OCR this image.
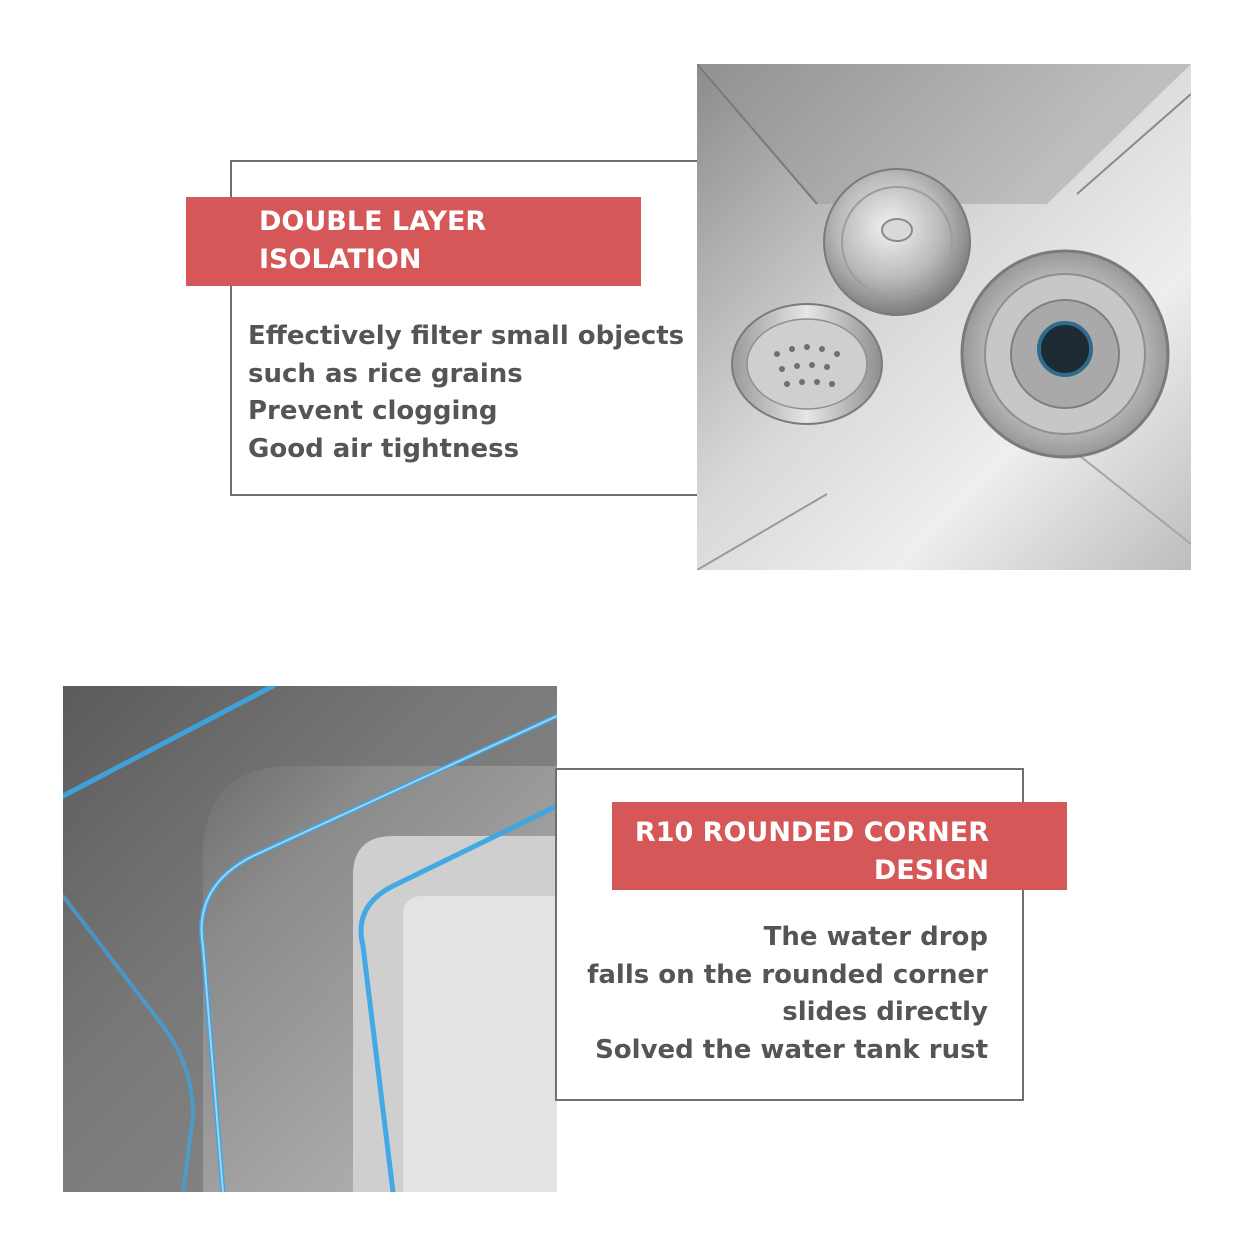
DOUBLE LAYER
ISOLATION
Effectively filter small objects
such as rice grains
Prevent clogging
Good air tightness
R10 ROUNDED CORNER
DESIGN
The water drop
falls on the rounded corner
slides directly
Solved the water tank rust
